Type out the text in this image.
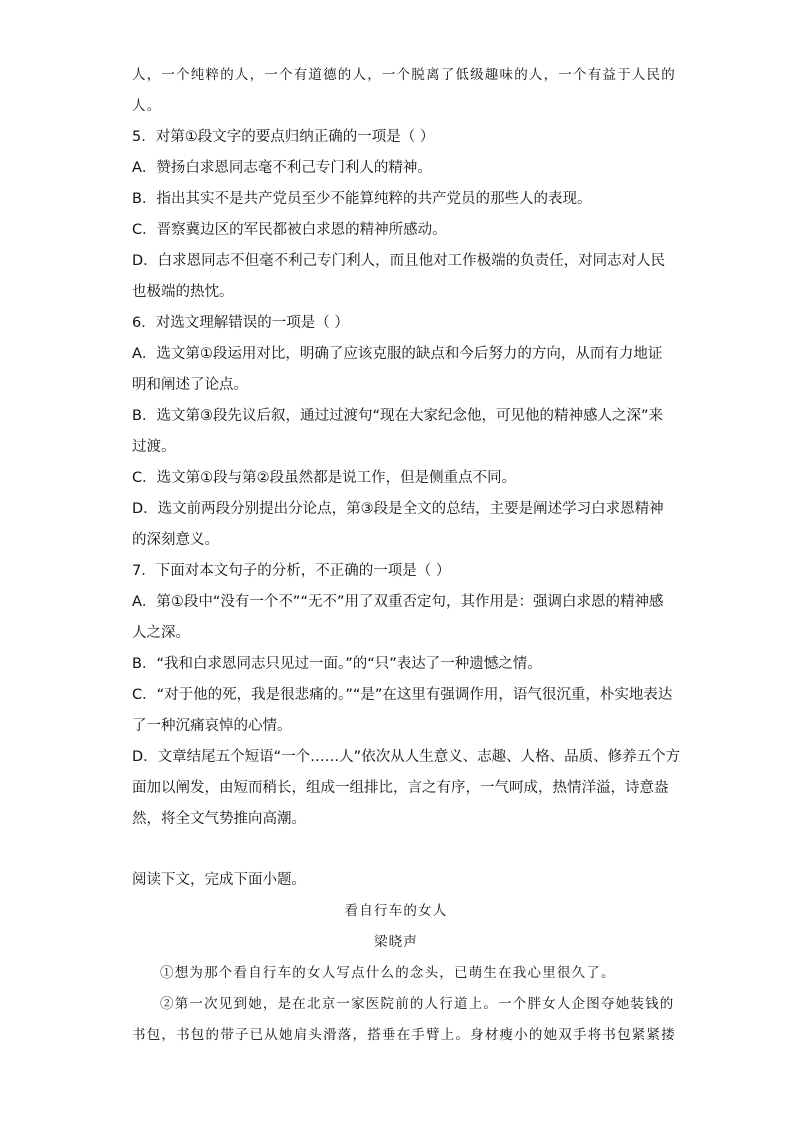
人，一个纯粹的人，一个有道德的人，一个脱离了低级趣味的人，一个有益于人民的
人。
5．对第①段文字的要点归纳正确的一项是（ ）
A．赞扬白求恩同志毫不利己专门利人的精神。
B．指出其实不是共产党员至少不能算纯粹的共产党员的那些人的表现。
C．晋察冀边区的军民都被白求恩的精神所感动。
D．白求恩同志不但毫不利己专门利人，而且他对工作极端的负责任，对同志对人民
也极端的热忱。
6．对选文理解错误的一项是（ ）
A．选文第①段运用对比，明确了应该克服的缺点和今后努力的方向，从而有力地证
明和阐述了论点。
B．选文第③段先议后叙，通过过渡句“现在大家纪念他，可见他的精神感人之深”来
过渡。
C．选文第①段与第②段虽然都是说工作，但是侧重点不同。
D．选文前两段分别提出分论点，第③段是全文的总结，主要是阐述学习白求恩精神
的深刻意义。
7．下面对本文句子的分析，不正确的一项是（ ）
A．第①段中“没有一个不”“无不”用了双重否定句，其作用是：强调白求恩的精神感
人之深。
B．“我和白求恩同志只见过一面。”的“只”表达了一种遗憾之情。
C．“对于他的死，我是很悲痛的。”“是”在这里有强调作用，语气很沉重，朴实地表达
了一种沉痛哀悼的心情。
D．文章结尾五个短语“一个……人”依次从人生意义、志趣、人格、品质、修养五个方
面加以阐发，由短而稍长，组成一组排比，言之有序，一气呵成，热情洋溢，诗意盎
然，将全文气势推向高潮。
阅读下文，完成下面小题。
看自行车的女人
梁晓声
①想为那个看自行车的女人写点什么的念头，已萌生在我心里很久了。
②第一次见到她，是在北京一家医院前的人行道上。一个胖女人企图夺她装钱的
书包，书包的带子已从她肩头滑落，搭垂在手臂上。身材瘦小的她双手将书包紧紧搂
